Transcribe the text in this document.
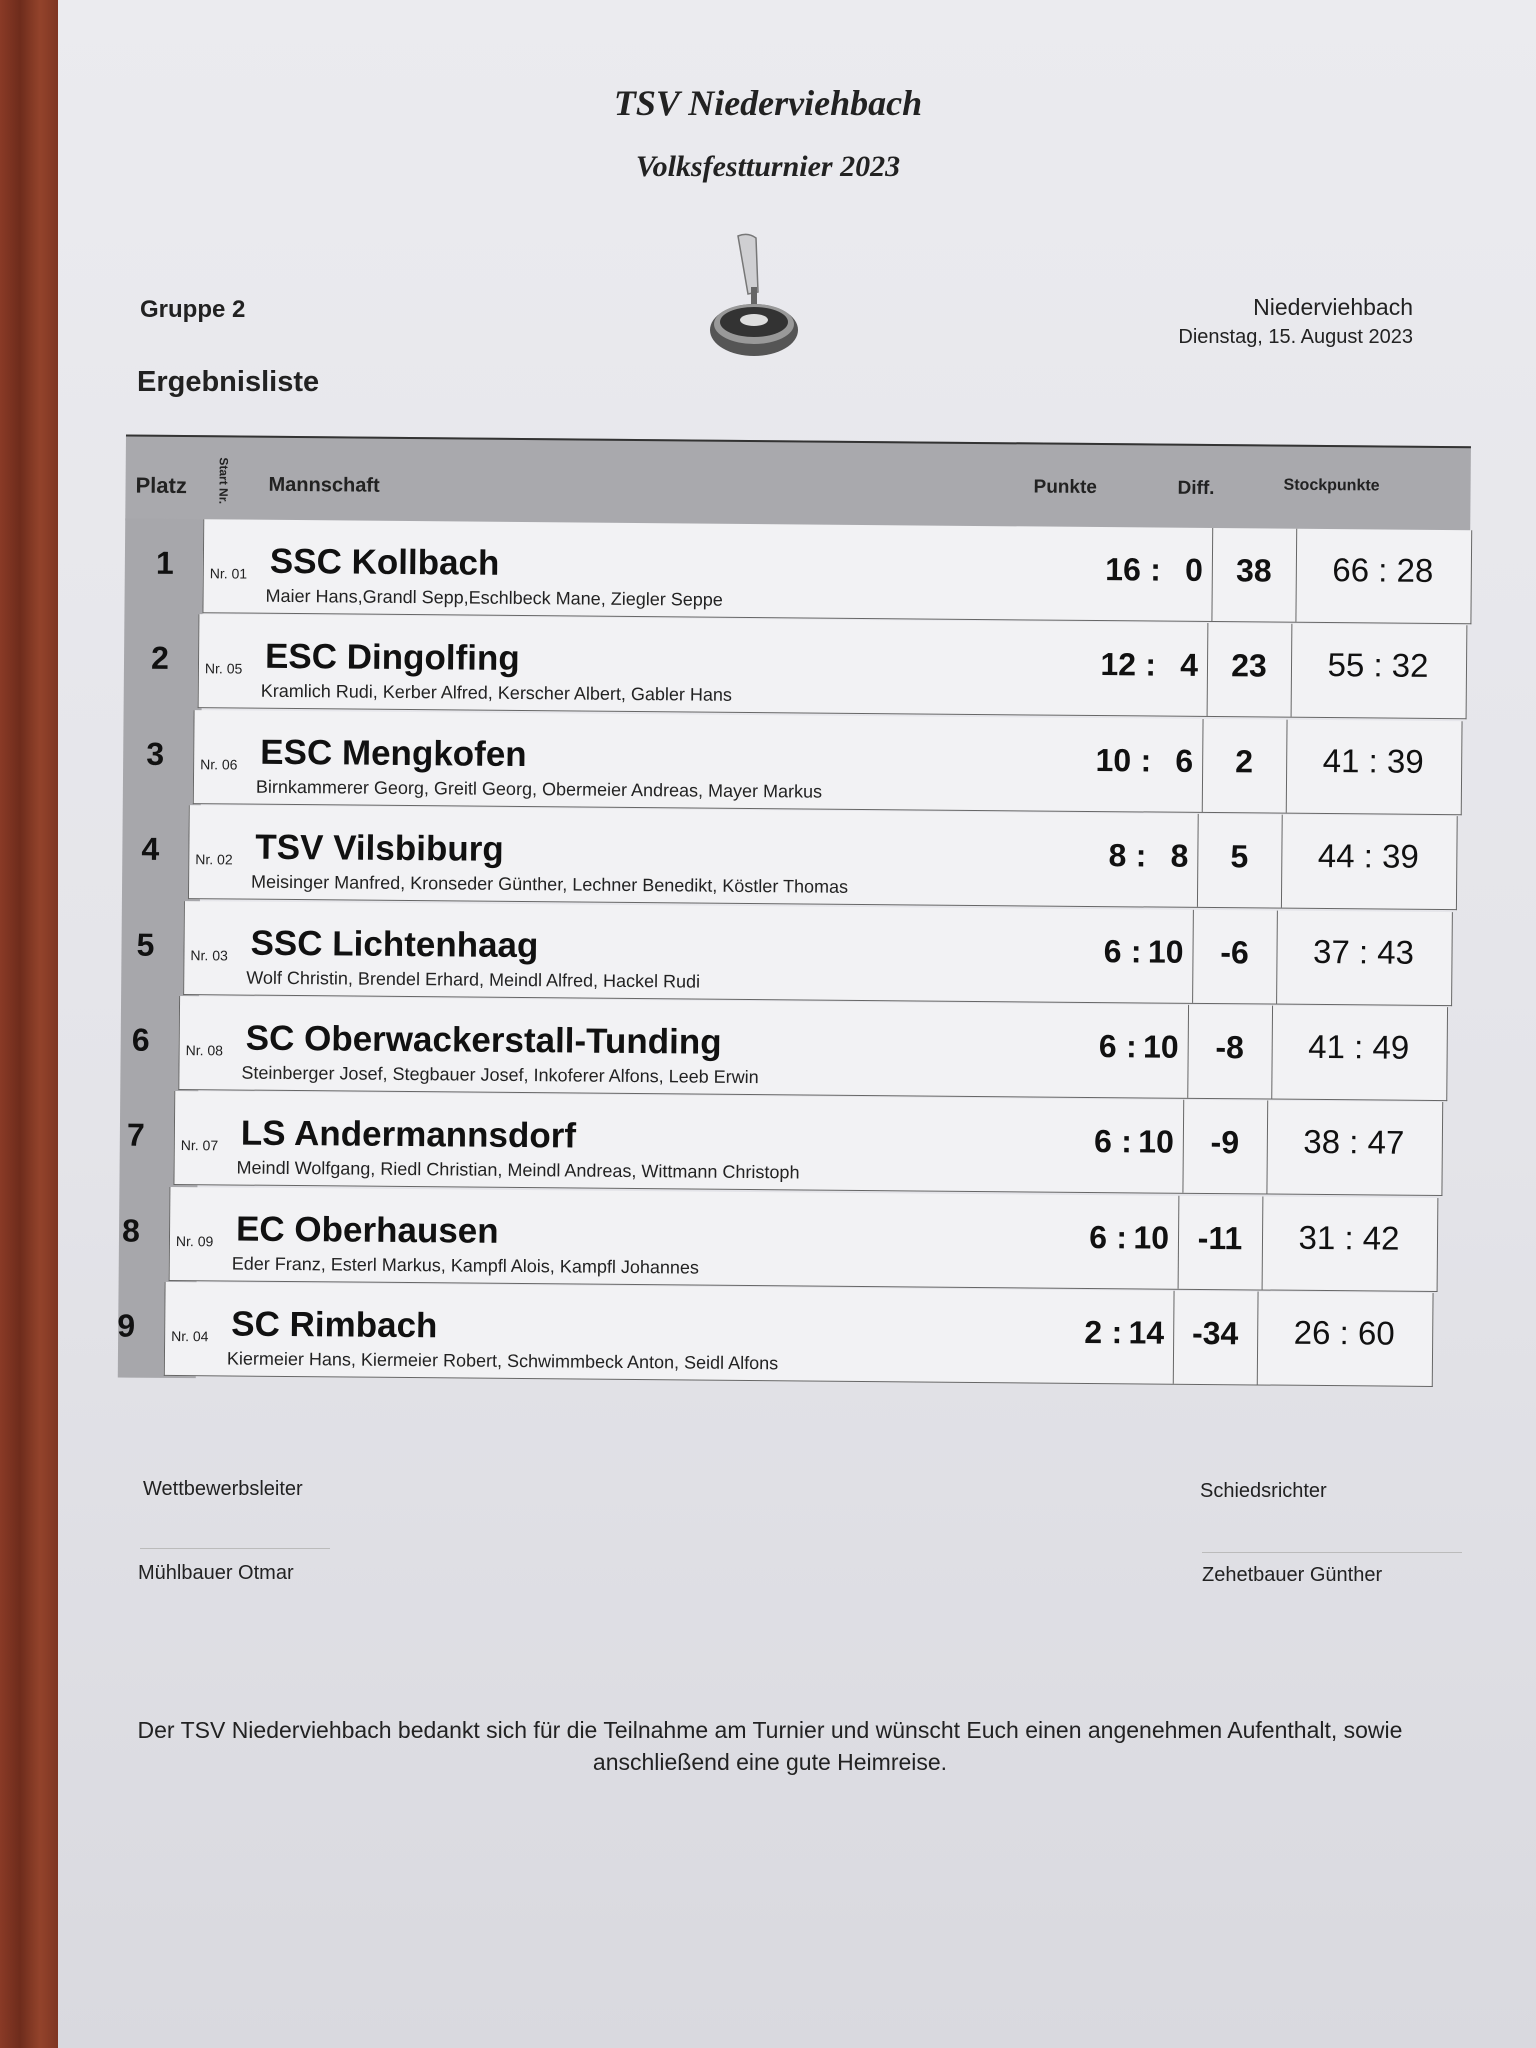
TSV Niederviehbach
Volksfestturnier 2023
Gruppe 2
Ergebnisliste
Niederviehbach
Dienstag, 15. August 2023
Platz Start Nr. Mannschaft	Punkte	Diff.	Stockpunkte
1	Nr. 01 SSC Kollbach
Maier Hans,Grandl Sepp,Eschlbeck Mane, Ziegler Seppe
16 : 0	38	66 : 28
2	Nr. 05 ESC Dingolfing
Kramlich Rudi, Kerber Alfred, Kerscher Albert, Gabler Hans
12 : 4	23	55 : 32
3	Nr. 06 ESC Mengkofen
Birnkammerer Georg, Greitl Georg, Obermeier Andreas, Mayer Markus
10 : 6	2	41 : 39
4	Nr. 02 TSV Vilsbiburg
Meisinger Manfred, Kronseder Günther, Lechner Benedikt, Köstler Thomas
8 : 8	5	44 : 39
5	Nr. 03 SSC Lichtenhaag
Wolf Christin, Brendel Erhard, Meindl Alfred, Hackel Rudi
6 : 10	-6	37 : 43
6	Nr. 08 SC Oberwackerstall-Tunding
Steinberger Josef, Stegbauer Josef, Inkoferer Alfons, Leeb Erwin
6 : 10	-8	41 : 49
7	Nr. 07 LS Andermannsdorf
Meindl Wolfgang, Riedl Christian, Meindl Andreas, Wittmann Christoph
6 : 10	-9	38 : 47
8	Nr. 09 EC Oberhausen
Eder Franz, Esterl Markus, Kampfl Alois, Kampfl Johannes
6 : 10 -11	31 : 42
9	Nr. 04 SC Rimbach
Kiermeier Hans, Kiermeier Robert, Schwimmbeck Anton, Seidl Alfons
2 : 14 -34	26 : 60
Wettbewerbsleiter
Mühlbauer Otmar
Schiedsrichter
Zehetbauer Günther
Der TSV Niederviehbach bedankt sich für die Teilnahme am Turnier und wünscht Euch einen angenehmen Aufenthalt, sowie
anschließend eine gute Heimreise.
